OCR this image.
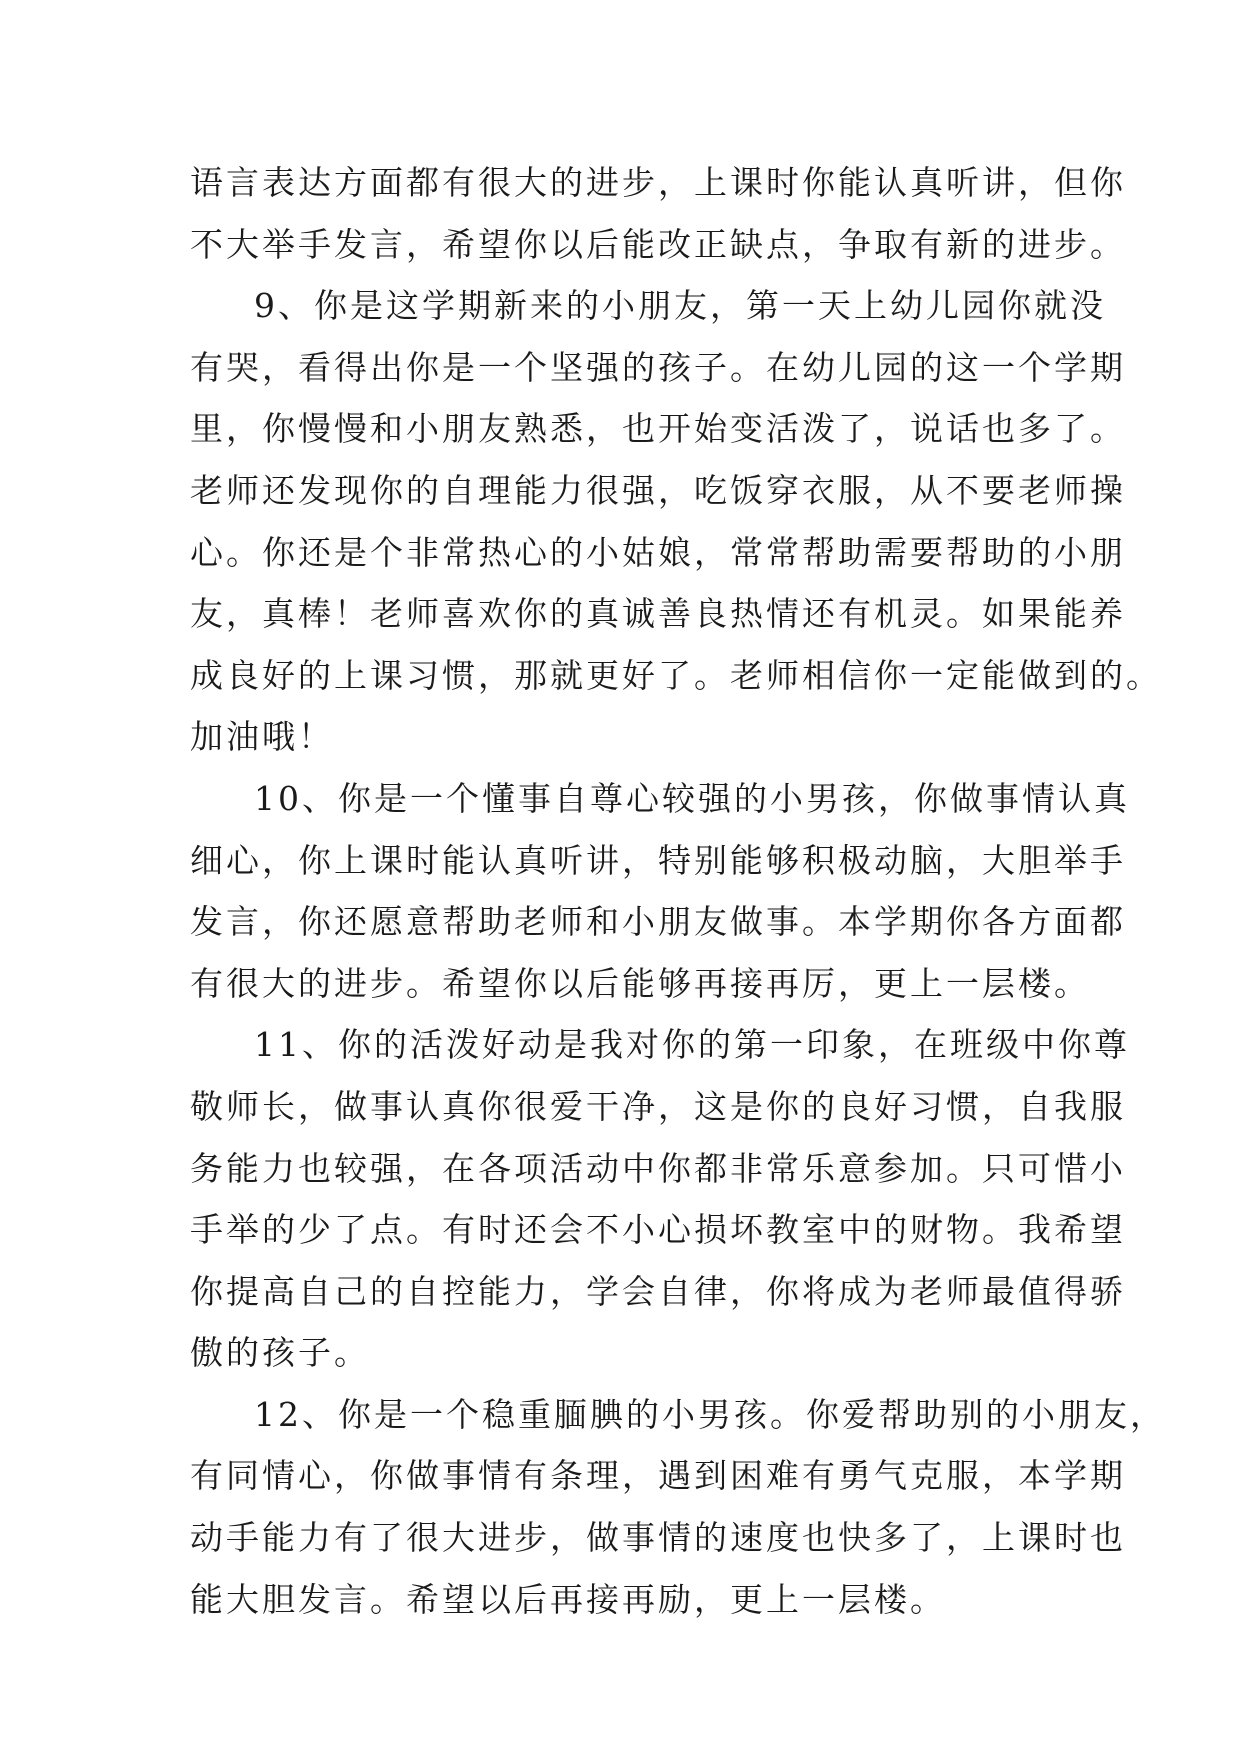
语言表达方面都有很大的进步，上课时你能认真听讲，但你
不大举手发言，希望你以后能改正缺点，争取有新的进步。
9、你是这学期新来的小朋友，第一天上幼儿园你就没
有哭，看得出你是一个坚强的孩子。在幼儿园的这一个学期
里，你慢慢和小朋友熟悉，也开始变活泼了，说话也多了。
老师还发现你的自理能力很强，吃饭穿衣服，从不要老师操
心。你还是个非常热心的小姑娘，常常帮助需要帮助的小朋
友，真棒！老师喜欢你的真诚善良热情还有机灵。如果能养
成良好的上课习惯，那就更好了。老师相信你一定能做到的。
加油哦！
10、你是一个懂事自尊心较强的小男孩，你做事情认真
细心，你上课时能认真听讲，特别能够积极动脑，大胆举手
发言，你还愿意帮助老师和小朋友做事。本学期你各方面都
有很大的进步。希望你以后能够再接再厉，更上一层楼。
11、你的活泼好动是我对你的第一印象，在班级中你尊
敬师长，做事认真你很爱干净，这是你的良好习惯，自我服
务能力也较强，在各项活动中你都非常乐意参加。只可惜小
手举的少了点。有时还会不小心损坏教室中的财物。我希望
你提高自己的自控能力，学会自律，你将成为老师最值得骄
傲的孩子。
12、你是一个稳重腼腆的小男孩。你爱帮助别的小朋友，
有同情心，你做事情有条理，遇到困难有勇气克服，本学期
动手能力有了很大进步，做事情的速度也快多了，上课时也
能大胆发言。希望以后再接再励，更上一层楼。
